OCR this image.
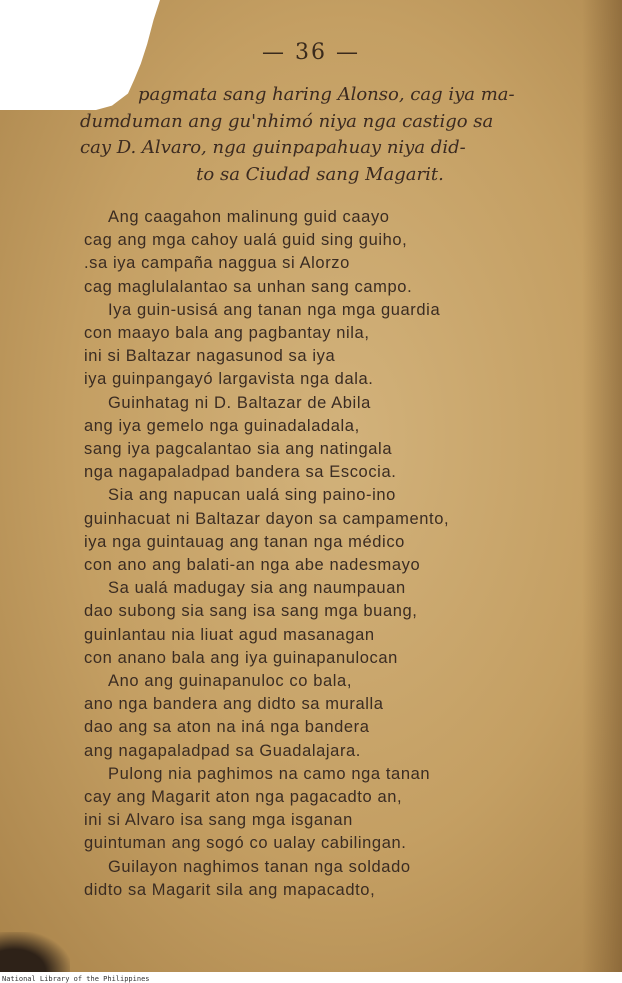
— 36 —
pagmata sang haring Alonso, cag iya ma-
dumduman ang gu'nhimó niya nga castigo sa
cay D. Alvaro, nga guinpapahuay niya did-
to sa Ciudad sang Magarit.
Ang caagahon malinung guid caayo
cag ang mga cahoy ualá guid sing guiho,
.sa iya campaña naggua si Alorzo
cag maglulalantao sa unhan sang campo.
Iya guin-usisá ang tanan nga mga guardia
con maayo bala ang pagbantay nila,
ini si Baltazar nagasunod sa iya
iya guinpangayó largavista nga dala.
Guinhatag ni D. Baltazar de Abila
ang iya gemelo nga guinadaladala,
sang iya pagcalantao sia ang natingala
nga nagapaladpad bandera sa Escocia.
Sia ang napucan ualá sing paino-ino
guinhacuat ni Baltazar dayon sa campamento,
iya nga guintauag ang tanan nga médico
con ano ang balati-an nga abe nadesmayo
Sa ualá madugay sia ang naumpauan
dao subong sia sang isa sang mga buang,
guinlantau nia liuat agud masanagan
con anano bala ang iya guinapanulocan
Ano ang guinapanuloc co bala,
ano nga bandera ang didto sa muralla
dao ang sa aton na iná nga bandera
ang nagapaladpad sa Guadalajara.
Pulong nia paghimos na camo nga tanan
cay ang Magarit aton nga pagacadto an,
ini si Alvaro isa sang mga isganan
guintuman ang sogó co ualay cabilingan.
Guilayon naghimos tanan nga soldado
didto sa Magarit sila ang mapacadto,
National Library of the Philippines
